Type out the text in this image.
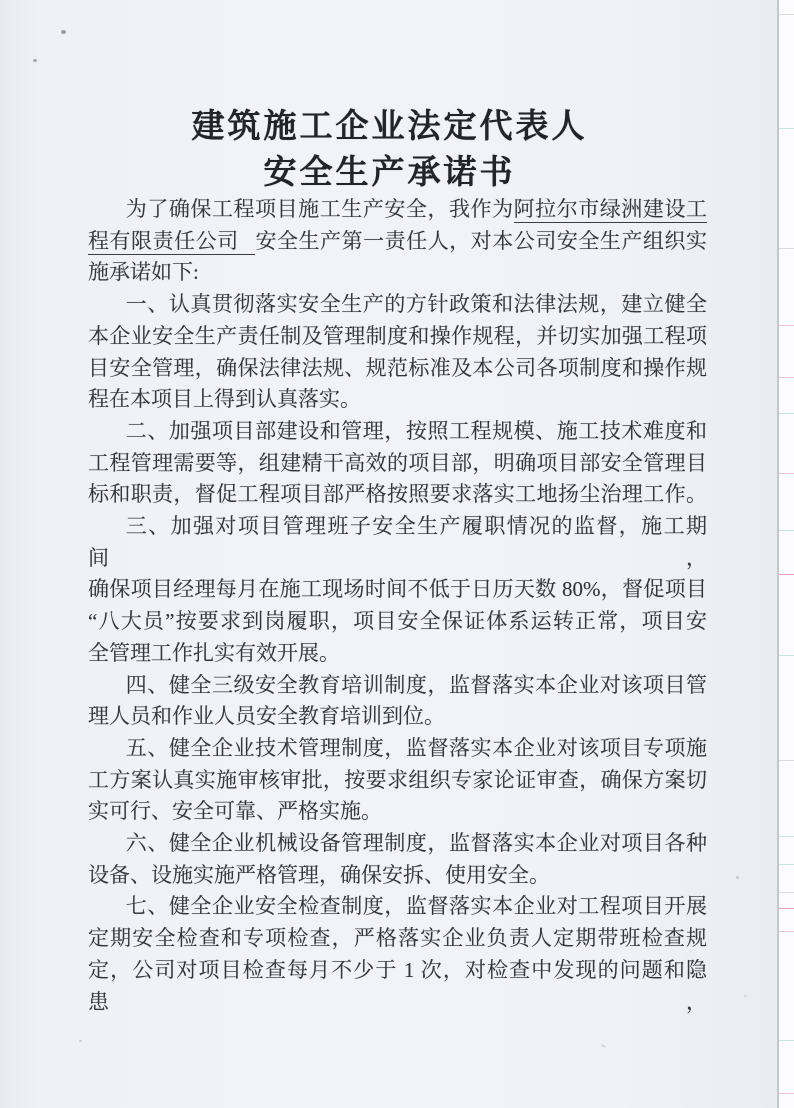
建筑施工企业法定代表人
安全生产承诺书
为了确保工程项目施工生产安全，我作为阿拉尔市绿洲建设工
程有限责任公司 安全生产第一责任人，对本公司安全生产组织实
施承诺如下:
一、认真贯彻落实安全生产的方针政策和法律法规，建立健全
本企业安全生产责任制及管理制度和操作规程，并切实加强工程项
目安全管理，确保法律法规、规范标准及本公司各项制度和操作规
程在本项目上得到认真落实。
二、加强项目部建设和管理，按照工程规模、施工技术难度和
工程管理需要等，组建精干高效的项目部，明确项目部安全管理目
标和职责，督促工程项目部严格按照要求落实工地扬尘治理工作。
三、加强对项目管理班子安全生产履职情况的监督，施工期间，
确保项目经理每月在施工现场时间不低于日历天数 80%，督促项目
“八大员”按要求到岗履职，项目安全保证体系运转正常，项目安
全管理工作扎实有效开展。
四、健全三级安全教育培训制度，监督落实本企业对该项目管
理人员和作业人员安全教育培训到位。
五、健全企业技术管理制度，监督落实本企业对该项目专项施
工方案认真实施审核审批，按要求组织专家论证审查，确保方案切
实可行、安全可靠、严格实施。
六、健全企业机械设备管理制度，监督落实本企业对项目各种
设备、设施实施严格管理，确保安拆、使用安全。
七、健全企业安全检查制度，监督落实本企业对工程项目开展
定期安全检查和专项检查，严格落实企业负责人定期带班检查规
定，公司对项目检查每月不少于 1 次，对检查中发现的问题和隐患，
